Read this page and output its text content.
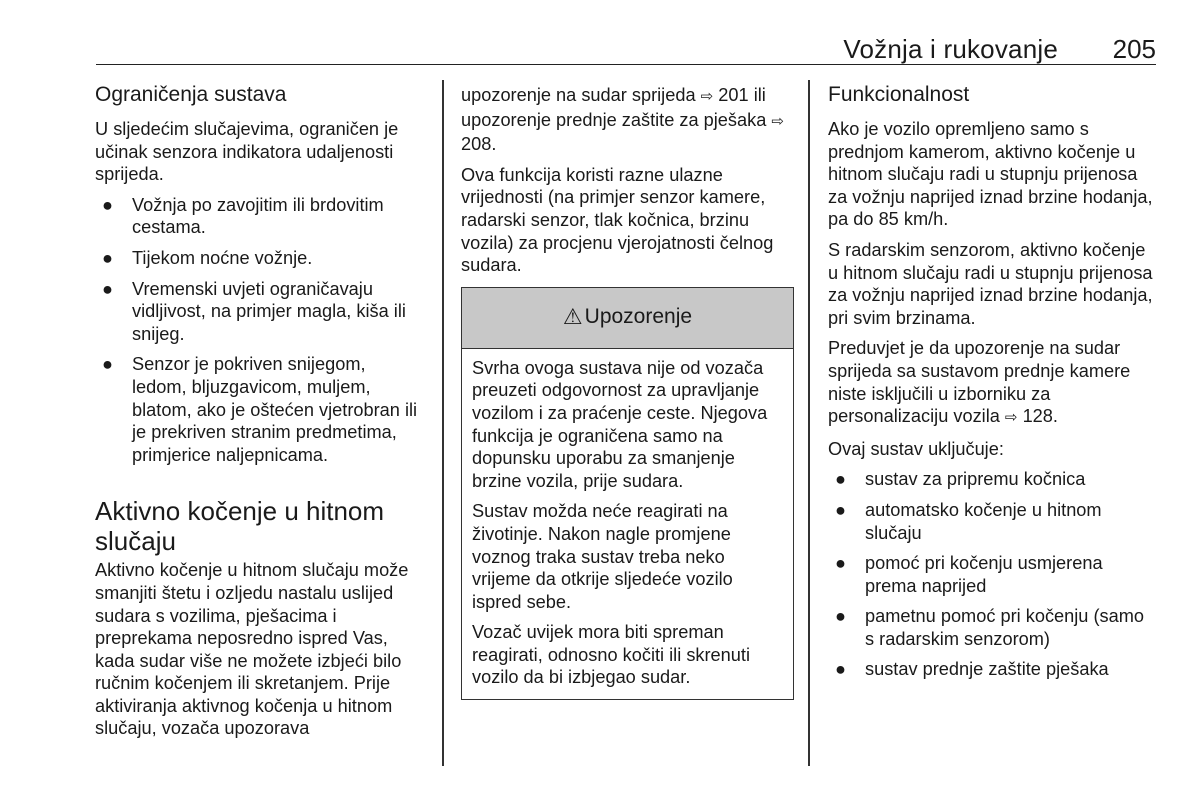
Vožnja i rukovanje 205
Ograničenja sustava

U sljedećim slučajevima, ograničen je učinak senzora indikatora udaljenosti sprijeda.

● Vožnja po zavojitim ili brdovitim cestama.
● Tijekom noćne vožnje.
● Vremenski uvjeti ograničavaju vidljivost, na primjer magla, kiša ili snijeg.
● Senzor je pokriven snijegom, ledom, bljuzgavicom, muljem, blatom, ako je oštećen vjetrobran ili je prekriven stranim predmetima, primjerice naljepnicama.
Aktivno kočenje u hitnom slučaju

Aktivno kočenje u hitnom slučaju može smanjiti štetu i ozljedu nastalu uslijed sudara s vozilima, pješacima i preprekama neposredno ispred Vas, kada sudar više ne možete izbjeći bilo ručnim kočenjem ili skretanjem. Prije aktiviranja aktivnog kočenja u hitnom slučaju, vozača upozorava

upozorenje na sudar sprijeda ⇨ 201 ili upozorenje prednje zaštite za pješaka ⇨ 208.

Ova funkcija koristi razne ulazne vrijednosti (na primjer senzor kamere, radarski senzor, tlak kočnica, brzinu vozila) za procjenu vjerojatnosti čelnog sudara.

⚠ Upozorenje

Svrha ovoga sustava nije od vozača preuzeti odgovornost za upravljanje vozilom i za praćenje ceste. Njegova funkcija je ograničena samo na dopunsku uporabu za smanjenje brzine vozila, prije sudara.

Sustav možda neće reagirati na životinje. Nakon nagle promjene voznog traka sustav treba neko vrijeme da otkrije sljedeće vozilo ispred sebe.

Vozač uvijek mora biti spreman reagirati, odnosno kočiti ili skrenuti vozilo da bi izbjegao sudar.

Funkcionalnost

Ako je vozilo opremljeno samo s prednjom kamerom, aktivno kočenje u hitnom slučaju radi u stupnju prijenosa za vožnju naprijed iznad brzine hodanja, pa do 85 km/h.

S radarskim senzorom, aktivno kočenje u hitnom slučaju radi u stupnju prijenosa za vožnju naprijed iznad brzine hodanja, pri svim brzinama.

Preduvjet je da upozorenje na sudar sprijeda sa sustavom prednje kamere niste isključili u izborniku za personalizaciju vozila ⇨ 128.

Ovaj sustav uključuje:

● sustav za pripremu kočnica
● automatsko kočenje u hitnom slučaju
● pomoć pri kočenju usmjerena prema naprijed
● pametnu pomoć pri kočenju (samo s radarskim senzorom)
● sustav prednje zaštite pješaka
